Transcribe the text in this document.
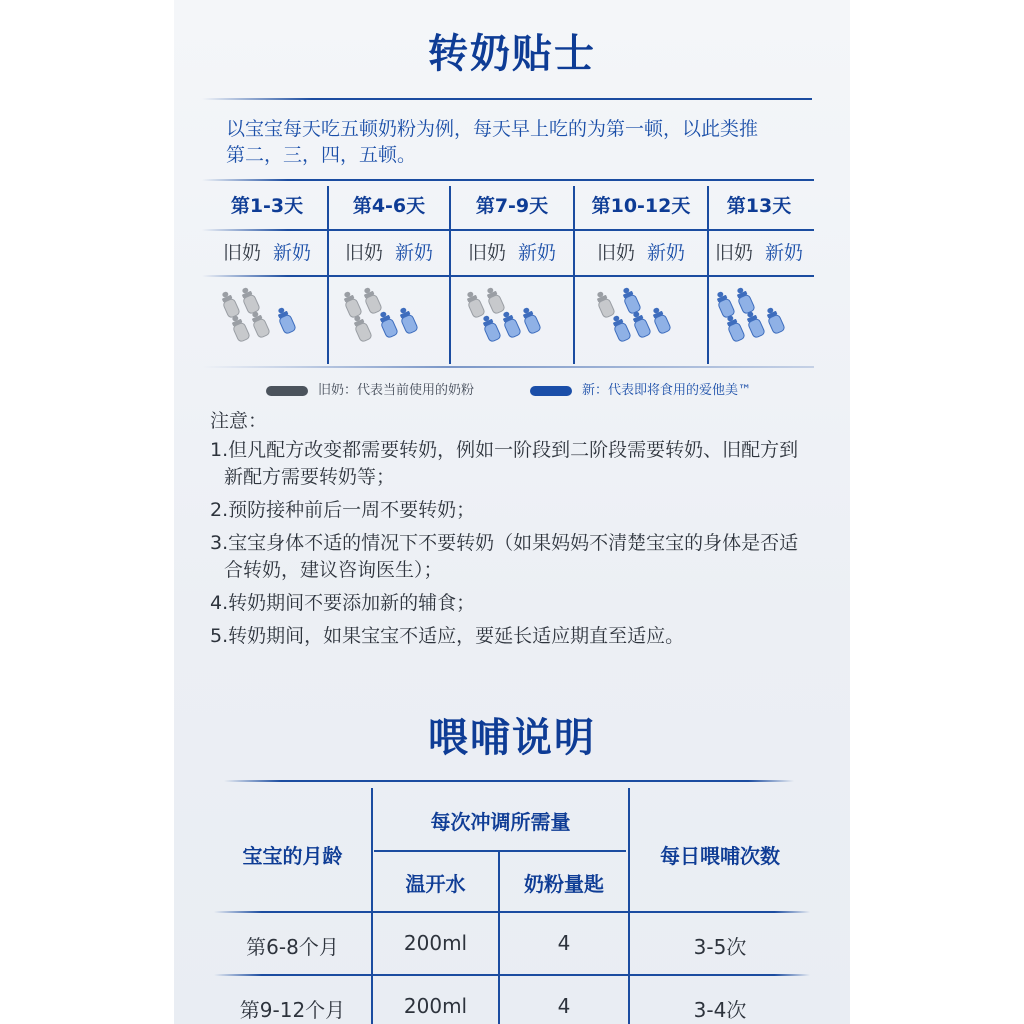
转奶贴士
以宝宝每天吃五顿奶粉为例，每天早上吃的为第一顿，以此类推
第二，三，四，五顿。
第1-3天	第4-6天	第7-9天	第10-12天	第13天
旧奶 新奶	旧奶 新奶	旧奶 新奶	旧奶 新奶	旧奶 新奶
旧奶：代表当前使用的奶粉	新：代表即将食用的爱他美™

注意：

1.但凡配方改变都需要转奶，例如一阶段到二阶段需要转奶、旧配方到

新配方需要转奶等；

2.预防接种前后一周不要转奶；

3.宝宝身体不适的情况下不要转奶（如果妈妈不清楚宝宝的身体是否适

合转奶，建议咨询医生）；

4.转奶期间不要添加新的辅食；

5.转奶期间，如果宝宝不适应，要延长适应期直至适应。

喂哺说明
宝宝的月龄
每次冲调所需量
温开水	奶粉量匙
每日喂哺次数
第6-8个月	200ml	4	3-5次
第9-12个月	200ml	4	3-4次
